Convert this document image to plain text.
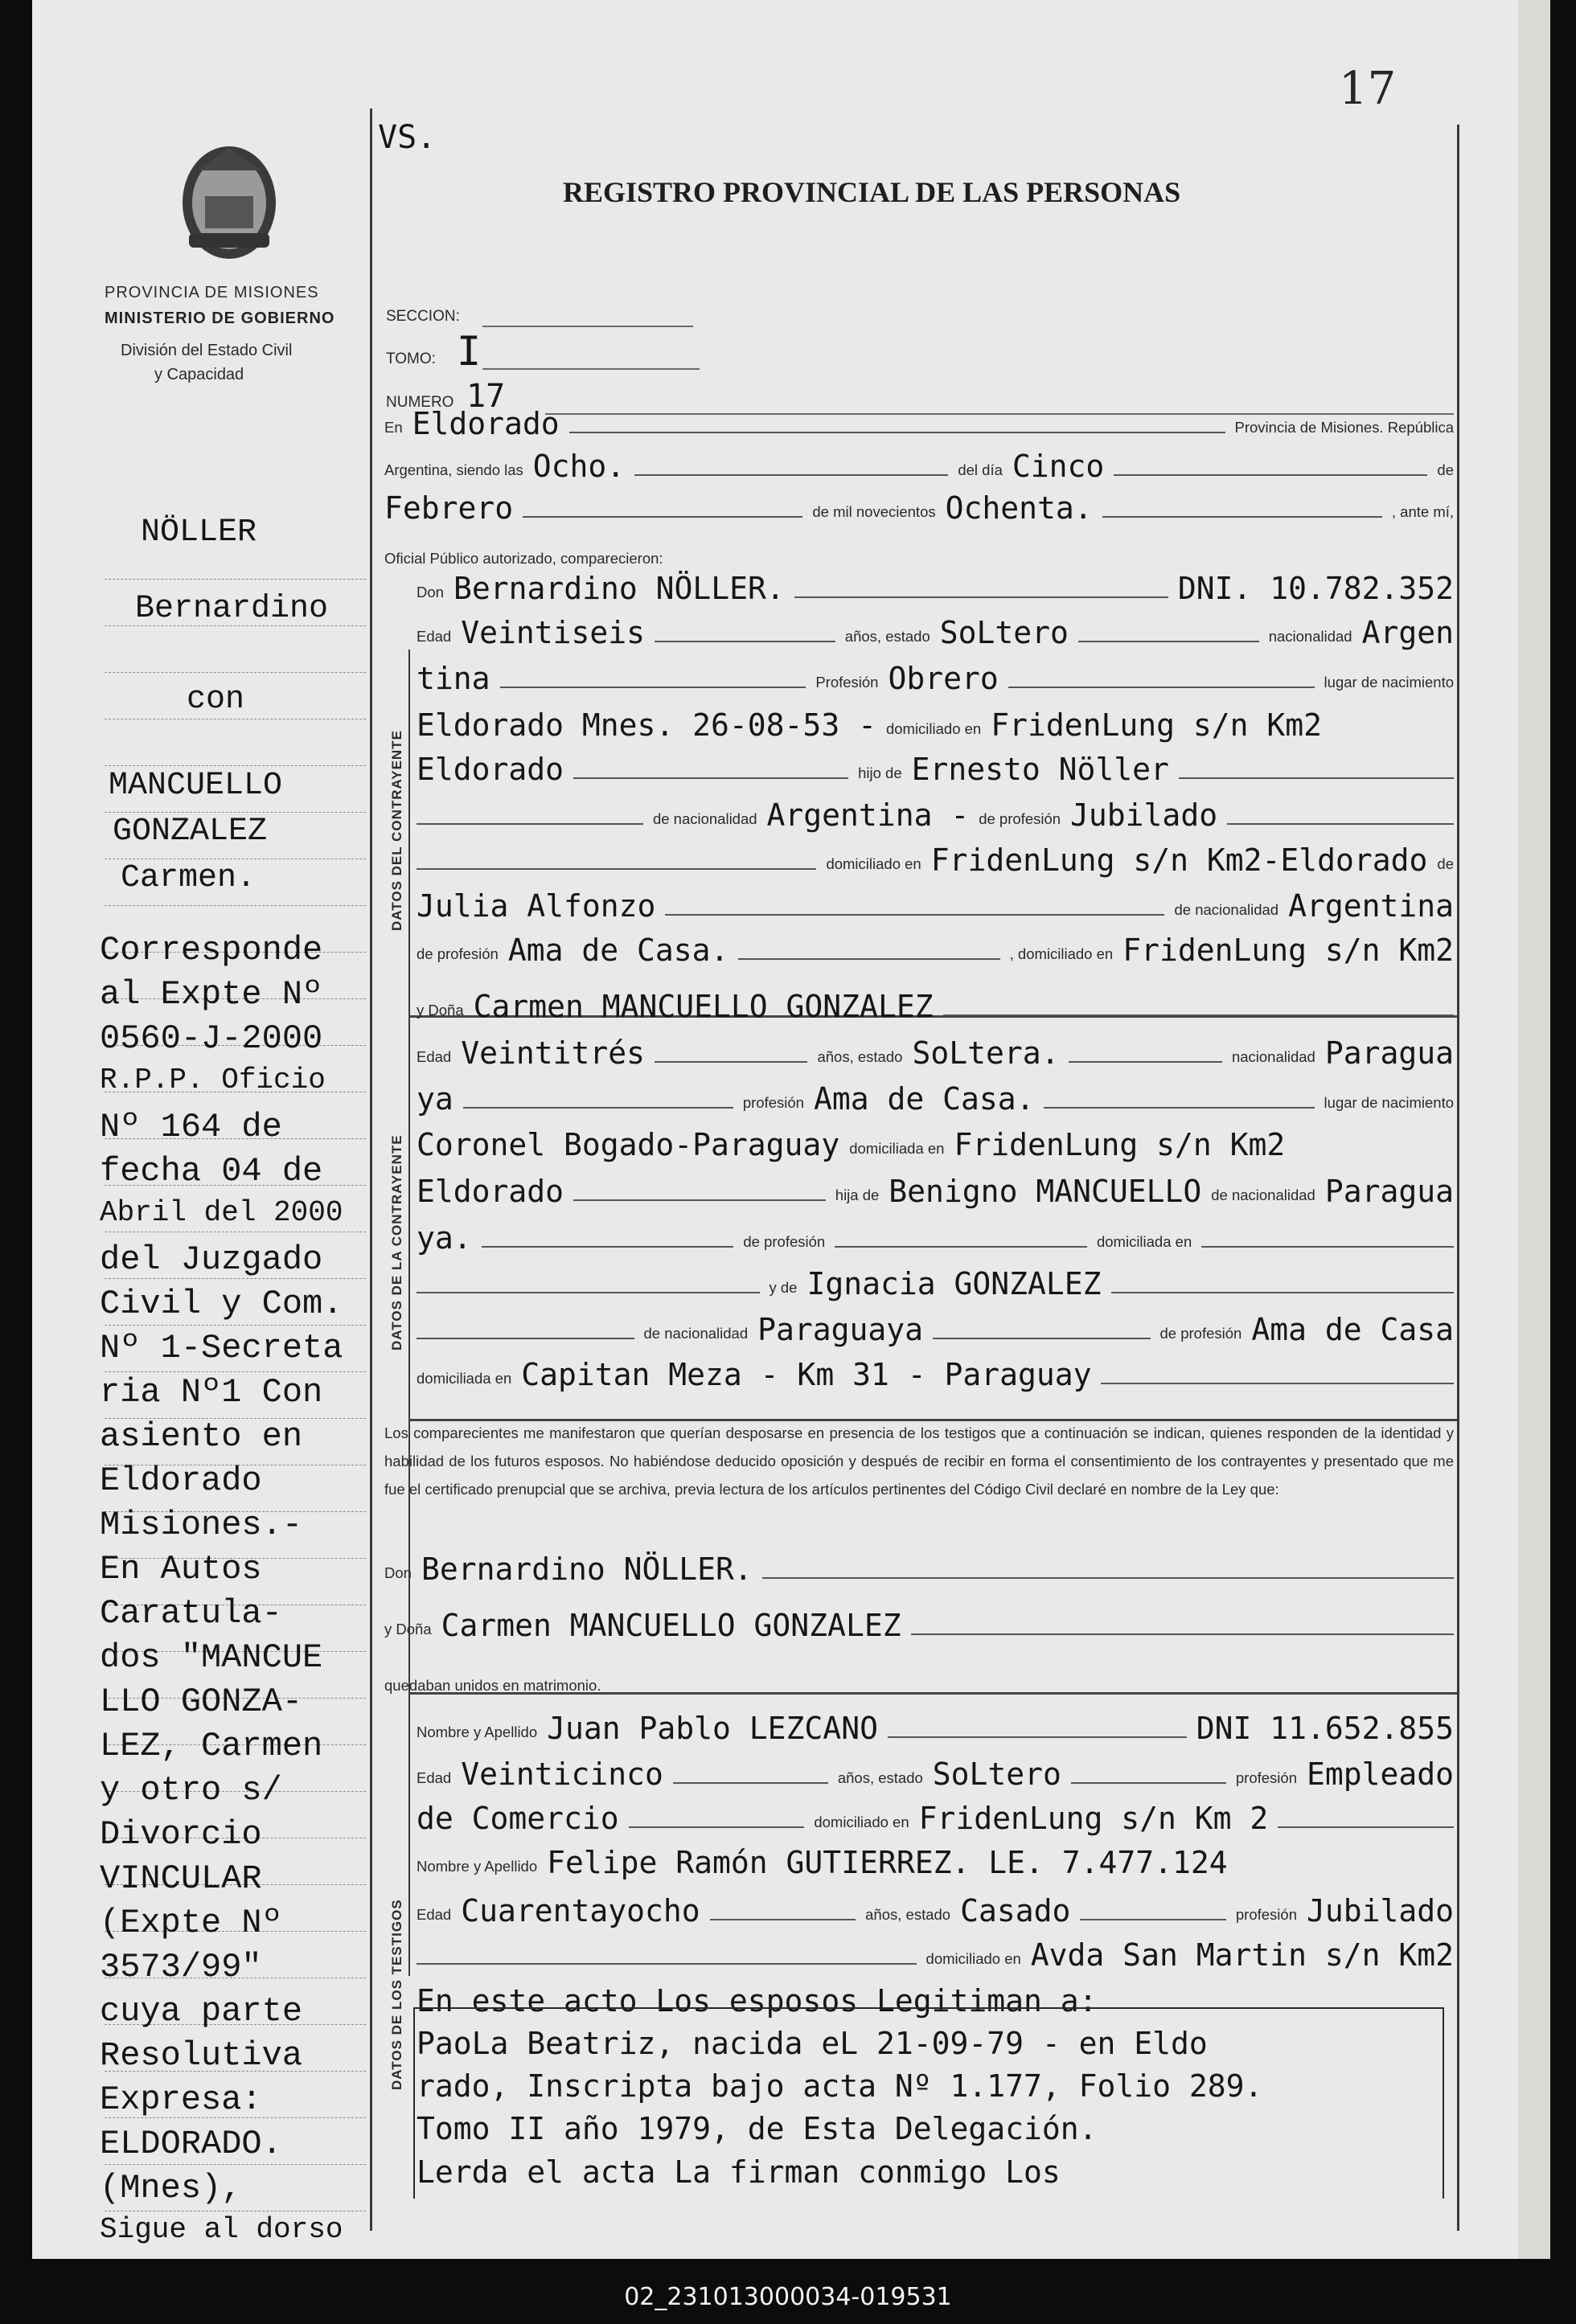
17
PROVINCIA DE MISIONES
MINISTERIO DE GOBIERNO
División del Estado Civil
y Capacidad
REGISTRO PROVINCIAL DE LAS PERSONAS
VS.
SECCION:
TOMO: I
NUMERO 17
En Eldorado	Provincia de Misiones. República
Argentina, siendo las Ocho.	del día Cinco	de
Febrero	de mil novecientos Ochenta.	, ante mí,
Oficial Público autorizado, comparecieron:
Don Bernardino NÖLLER.	DNI. 10.782.352
Edad Veintiseis	años, estado SoLtero	nacionalidad Argen
tina	Profesión Obrero	lugar de nacimiento
Eldorado Mnes. 26-08-53 - domiciliado en FridenLung s/n Km2
Eldorado	hijo de Ernesto Nöller
de nacionalidad Argentina - de profesión Jubilado
domiciliado en FridenLung s/n Km2-Eldorado de
Julia Alfonzo	de nacionalidad Argentina
de profesión Ama de Casa.	, domiciliado en FridenLung s/n Km2
y Doña Carmen MANCUELLO GONZALEZ
Edad Veintitrés	años, estado SoLtera.	nacionalidad Paragua
ya	profesión Ama de Casa.	lugar de nacimiento
Coronel Bogado-Paraguay domiciliada en FridenLung s/n Km2
Eldorado	hija de Benigno MANCUELLO de nacionalidad Paragua
ya.	de profesión	domiciliada en
y de Ignacia GONZALEZ
de nacionalidad Paraguaya	de profesión Ama de Casa
domiciliada en Capitan Meza - Km 31 - Paraguay
Don Bernardino NÖLLER.
y Doña Carmen MANCUELLO GONZALEZ
quedaban unidos en matrimonio.
Nombre y Apellido Juan Pablo LEZCANO	DNI 11.652.855
Edad Veinticinco	años, estado SoLtero	profesión Empleado
de Comercio	domiciliado en FridenLung s/n Km 2
Nombre y Apellido Felipe Ramón GUTIERREZ. LE. 7.477.124
Edad Cuarentayocho	años, estado Casado	profesión Jubilado
domiciliado en Avda San Martin s/n Km2
En este acto Los esposos Legitiman a:
PaoLa Beatriz, nacida eL 21-09-79 - en Eldo
rado, Inscripta bajo acta Nº 1.177, Folio 289.
Tomo II año 1979, de Esta Delegación.
Lerda el acta La firman conmigo Los
DATOS DEL CONTRAYENTE
DATOS DE LA CONTRAYENTE
DATOS DE LOS TESTIGOS
Los comparecientes me manifestaron que querían desposarse en presencia de los testigos que a continuación se indican, quienes responden de la identidad y habilidad de los futuros esposos. No habiéndose deducido oposición y después de recibir en forma el consentimiento de los contrayentes y presentado que me fue el certificado prenupcial que se archiva, previa lectura de los artículos pertinentes del Código Civil declaré en nombre de la Ley que:
NÖLLER
Bernardino
con
MANCUELLO
GONZALEZ
Carmen.
Corresponde
al Expte Nº
0560-J-2000
R.P.P. Oficio
Nº 164 de
fecha 04 de
Abril del 2000
del Juzgado
Civil y Com.
Nº 1-Secreta
ria Nº1 Con
asiento en
Eldorado
Misiones.-
En Autos
Caratula-
dos "MANCUE
LLO GONZA-
LEZ, Carmen
y otro s/
Divorcio
VINCULAR
(Expte Nº
3573/99"
cuya parte
Resolutiva
Expresa:
ELDORADO.
(Mnes),
Sigue al dorso
02_231013000034-019531
